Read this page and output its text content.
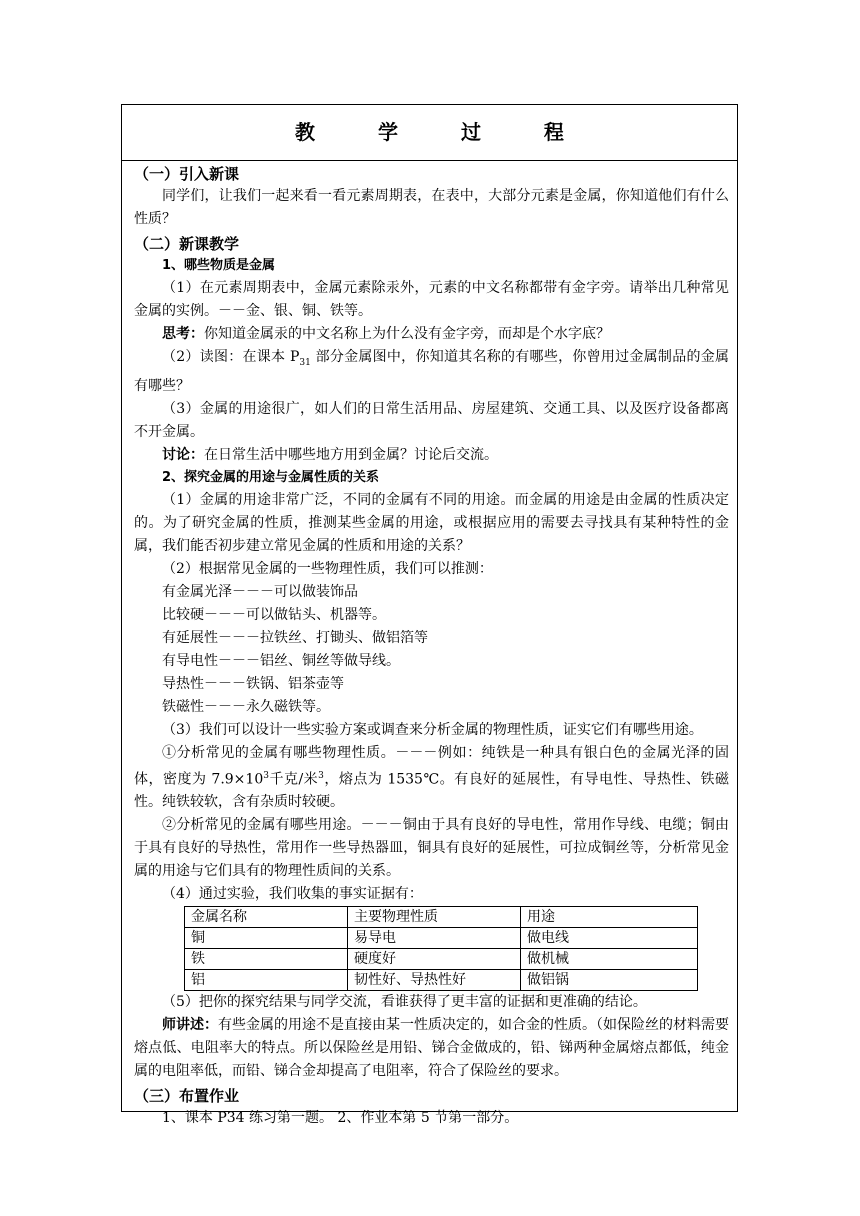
教 学 过 程
（一）引入新课

同学们，让我们一起来看一看元素周期表，在表中，大部分元素是金属，你知道他们有什么性质？

（二）新课教学
1、哪些物质是金属

（1）在元素周期表中，金属元素除汞外，元素的中文名称都带有金字旁。请举出几种常见金属的实例。－－金、银、铜、铁等。

思考：你知道金属汞的中文名称上为什么没有金字旁，而却是个水字底？

（2）读图：在课本 $P_{31}$ 部分金属图中，你知道其名称的有哪些，你曾用过金属制品的金属有哪些？

（3）金属的用途很广，如人们的日常生活用品、房屋建筑、交通工具、以及医疗设备都离不开金属。

讨论：在日常生活中哪些地方用到金属？讨论后交流。

2、探究金属的用途与金属性质的关系

（1）金属的用途非常广泛，不同的金属有不同的用途。而金属的用途是由金属的性质决定的。为了研究金属的性质，推测某些金属的用途，或根据应用的需要去寻找具有某种特性的金属，我们能否初步建立常见金属的性质和用途的关系？

（2）根据常见金属的一些物理性质，我们可以推测：

有金属光泽－－－可以做装饰品

比较硬－－－可以做钻头、机器等。

有延展性－－－拉铁丝、打锄头、做铝箔等

有导电性－－－铝丝、铜丝等做导线。

导热性－－－铁锅、铝茶壶等

铁磁性－－－永久磁铁等。

（3）我们可以设计一些实验方案或调查来分析金属的物理性质，证实它们有哪些用途。

①分析常见的金属有哪些物理性质。－－－例如：纯铁是一种具有银白色的金属光泽的固体，密度为 $7.9\times 10^3$千克/米$^3$，熔点为 1535℃。有良好的延展性，有导电性、导热性、铁磁性。纯铁较软，含有杂质时较硬。

②分析常见的金属有哪些用途。－－－铜由于具有良好的导电性，常用作导线、电缆；铜由于具有良好的导热性，常用作一些导热器皿，铜具有良好的延展性，可拉成铜丝等，分析常见金属的用途与它们具有的物理性质间的关系。

（4）通过实验，我们收集的事实证据有：

金属名称	主要物理性质	用途
铜	易导电	做电线
铁	硬度好	做机械
铝	韧性好、导热性好	做铝锅

（5）把你的探究结果与同学交流，看谁获得了更丰富的证据和更准确的结论。

师讲述：有些金属的用途不是直接由某一性质决定的，如合金的性质。（如保险丝的材料需要熔点低、电阻率大的特点。所以保险丝是用铅、锑合金做成的，铅、锑两种金属熔点都低，纯金属的电阻率低，而铅、锑合金却提高了电阻率，符合了保险丝的要求。

（三）布置作业

1、课本 P34 练习第一题。 2、作业本第 5 节第一部分。
